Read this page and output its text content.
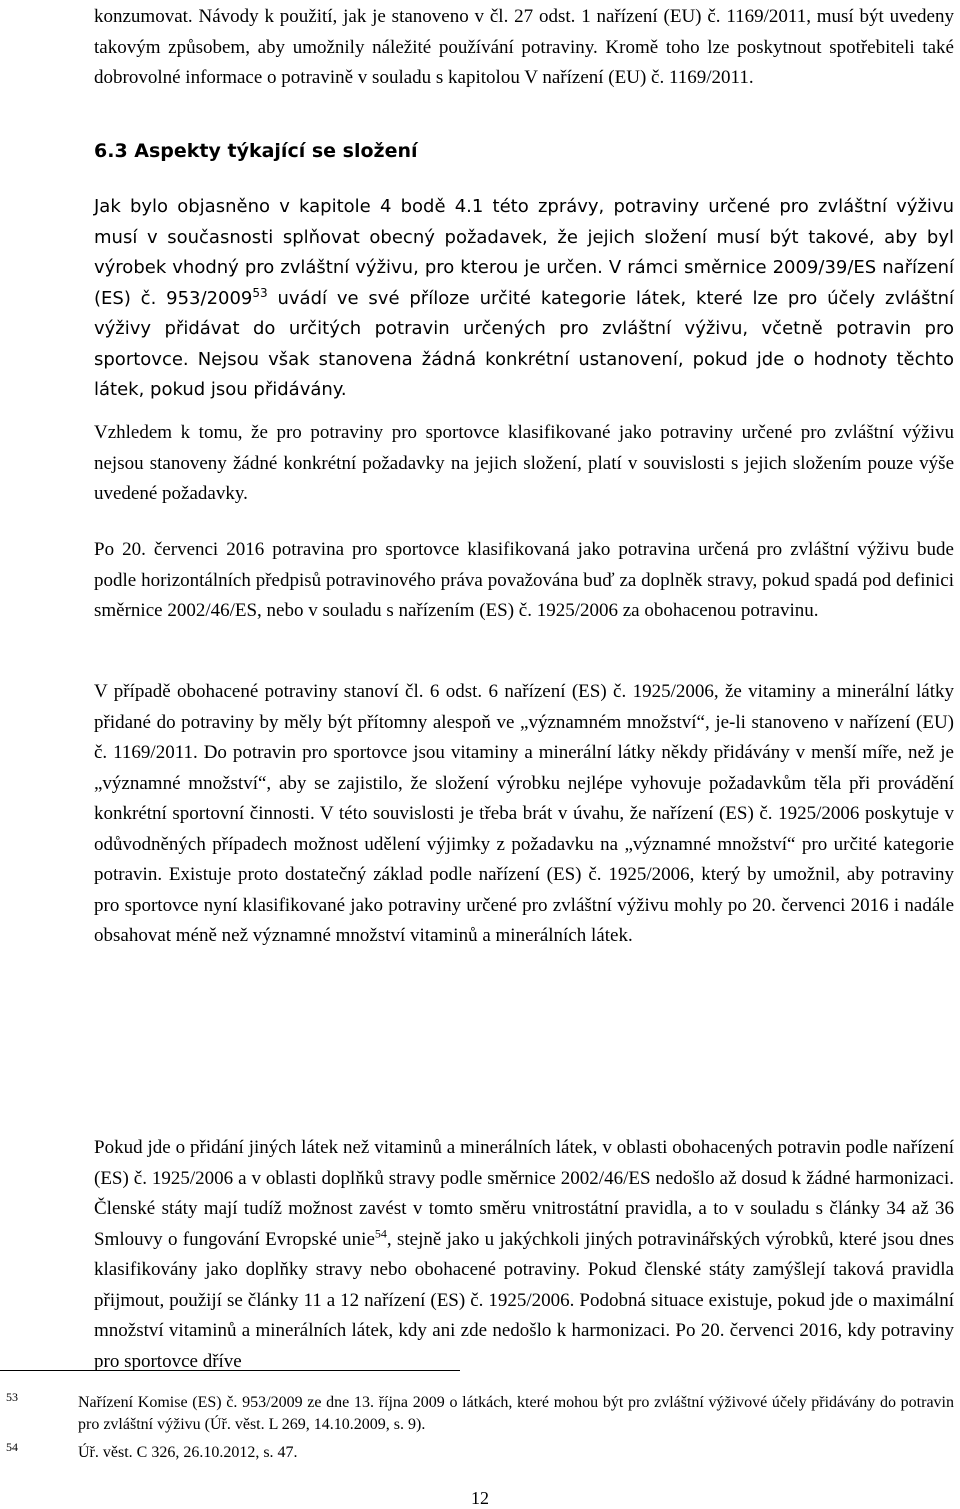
konzumovat. Návody k použití, jak je stanoveno v čl. 27 odst. 1 nařízení (EU) č. 1169/2011, musí být uvedeny takovým způsobem, aby umožnily náležité používání potraviny. Kromě toho lze poskytnout spotřebiteli také dobrovolné informace o potravině v souladu s kapitolou V nařízení (EU) č. 1169/2011.

6.3 Aspekty týkající se složení

Jak bylo objasněno v kapitole 4 bodě 4.1 této zprávy, potraviny určené pro zvláštní výživu musí v současnosti splňovat obecný požadavek, že jejich složení musí být takové, aby byl výrobek vhodný pro zvláštní výživu, pro kterou je určen. V rámci směrnice 2009/39/ES nařízení (ES) č. 953/2009$^{53}$ uvádí ve své příloze určité kategorie látek, které lze pro účely zvláštní výživy přidávat do určitých potravin určených pro zvláštní výživu, včetně potravin pro sportovce. Nejsou však stanovena žádná konkrétní ustanovení, pokud jde o hodnoty těchto látek, pokud jsou přidávány.

Vzhledem k tomu, že pro potraviny pro sportovce klasifikované jako potraviny určené pro zvláštní výživu nejsou stanoveny žádné konkrétní požadavky na jejich složení, platí v souvislosti s jejich složením pouze výše uvedené požadavky.

Po 20. červenci 2016 potravina pro sportovce klasifikovaná jako potravina určená pro zvláštní výživu bude podle horizontálních předpisů potravinového práva považována buď za doplněk stravy, pokud spadá pod definici směrnice 2002/46/ES, nebo v souladu s nařízením (ES) č. 1925/2006 za obohacenou potravinu.

V případě obohacené potraviny stanoví čl. 6 odst. 6 nařízení (ES) č. 1925/2006, že vitaminy a minerální látky přidané do potraviny by měly být přítomny alespoň ve „významném množství“, je-li stanoveno v nařízení (EU) č. 1169/2011. Do potravin pro sportovce jsou vitaminy a minerální látky někdy přidávány v menší míře, než je „významné množství“, aby se zajistilo, že složení výrobku nejlépe vyhovuje požadavkům těla při provádění konkrétní sportovní činnosti. V této souvislosti je třeba brát v úvahu, že nařízení (ES) č. 1925/2006 poskytuje v odůvodněných případech možnost udělení výjimky z požadavku na „významné množství“ pro určité kategorie potravin. Existuje proto dostatečný základ podle nařízení (ES) č. 1925/2006, který by umožnil, aby potraviny pro sportovce nyní klasifikované jako potraviny určené pro zvláštní výživu mohly po 20. červenci 2016 i nadále obsahovat méně než významné množství vitaminů a minerálních látek.

Pokud jde o přidání jiných látek než vitaminů a minerálních látek, v oblasti obohacených potravin podle nařízení (ES) č. 1925/2006 a v oblasti doplňků stravy podle směrnice 2002/46/ES nedošlo až dosud k žádné harmonizaci. Členské státy mají tudíž možnost zavést v tomto směru vnitrostátní pravidla, a to v souladu s články 34 až 36 Smlouvy o fungování Evropské unie$^{54}$, stejně jako u jakýchkoli jiných potravinářských výrobků, které jsou dnes klasifikovány jako doplňky stravy nebo obohacené potraviny. Pokud členské státy zamýšlejí taková pravidla přijmout, použijí se články 11 a 12 nařízení (ES) č. 1925/2006. Podobná situace existuje, pokud jde o maximální množství vitaminů a minerálních látek, kdy ani zde nedošlo k harmonizaci. Po 20. červenci 2016, kdy potraviny pro sportovce dříve

53	Nařízení Komise (ES) č. 953/2009 ze dne 13. října 2009 o látkách, které mohou být pro zvláštní výživové účely přidávány do potravin pro zvláštní výživu (Úř. věst. L 269, 14.10.2009, s. 9).
54	Úř. věst. C 326, 26.10.2012, s. 47.
12
